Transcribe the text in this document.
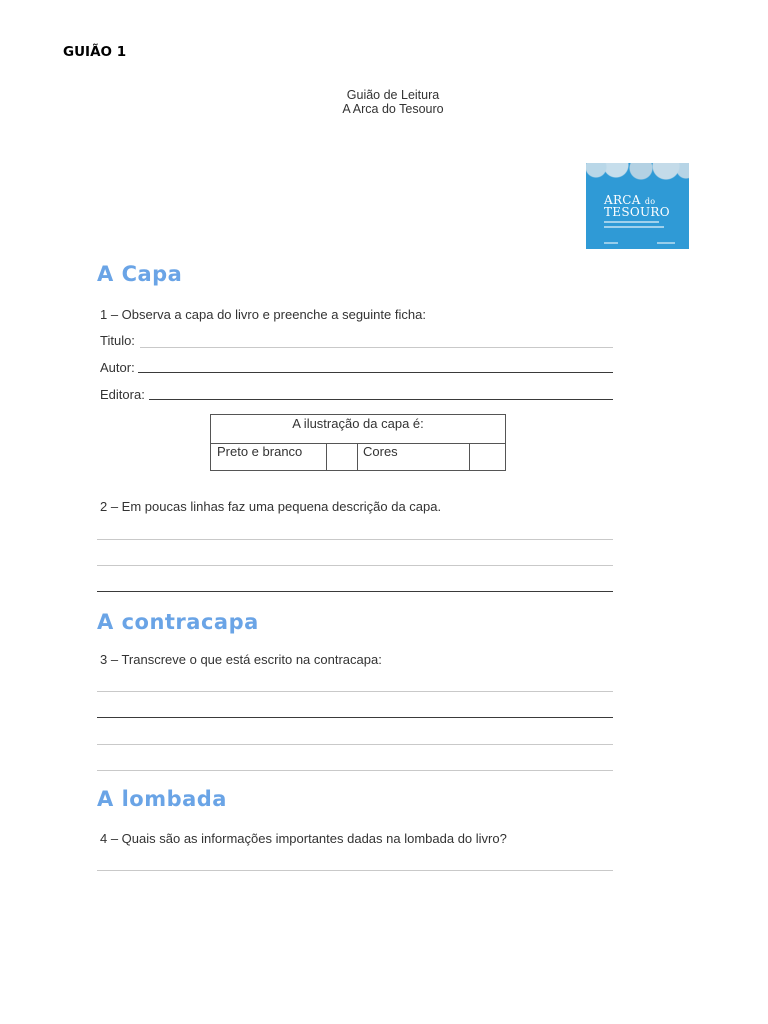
GUIÃO 1
Guião de Leitura
A Arca do Tesouro
ARCA do
TESOURO
A Capa
1 – Observa a capa do livro e preenche a seguinte ficha:
Titulo:
Autor:
Editora:
A ilustração da capa é:
Preto e branco	Cores
2 – Em poucas linhas faz uma pequena descrição da capa.
A contracapa
3 – Transcreve o que está escrito na contracapa:
A lombada
4 – Quais são as informações importantes dadas na lombada do livro?
